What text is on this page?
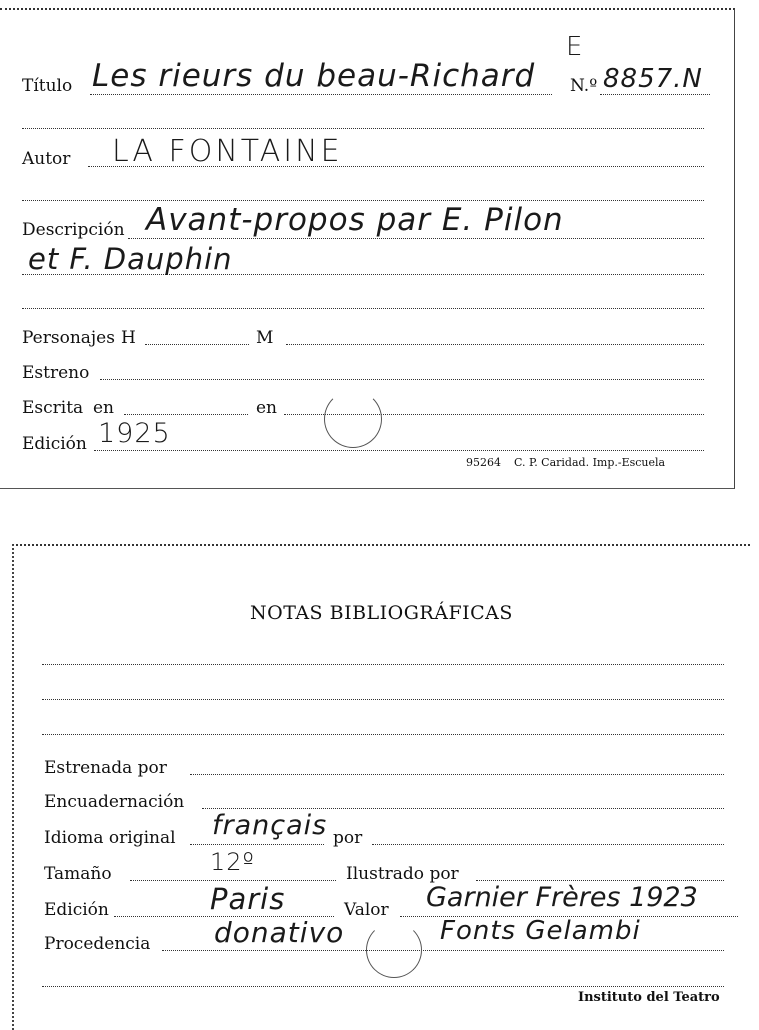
Título Les rieurs du beau-Richard
E
N.º 8857.N
Autor LA FONTAINE
Descripción Avant-propos par E. Pilon
et F. Dauphin
Personajes H	M
Estreno
Escrita en	en
Edición 1925
95264 C. P. Caridad. Imp.-Escuela
NOTAS BIBLIOGRÁFICAS
Estrenada por
Encuadernación
Idioma original français por
Tamaño	12º	Ilustrado por
Edición	Paris	Valor Garnier Frères 1923
Procedencia donativo	Fonts Gelambi
Instituto del Teatro
